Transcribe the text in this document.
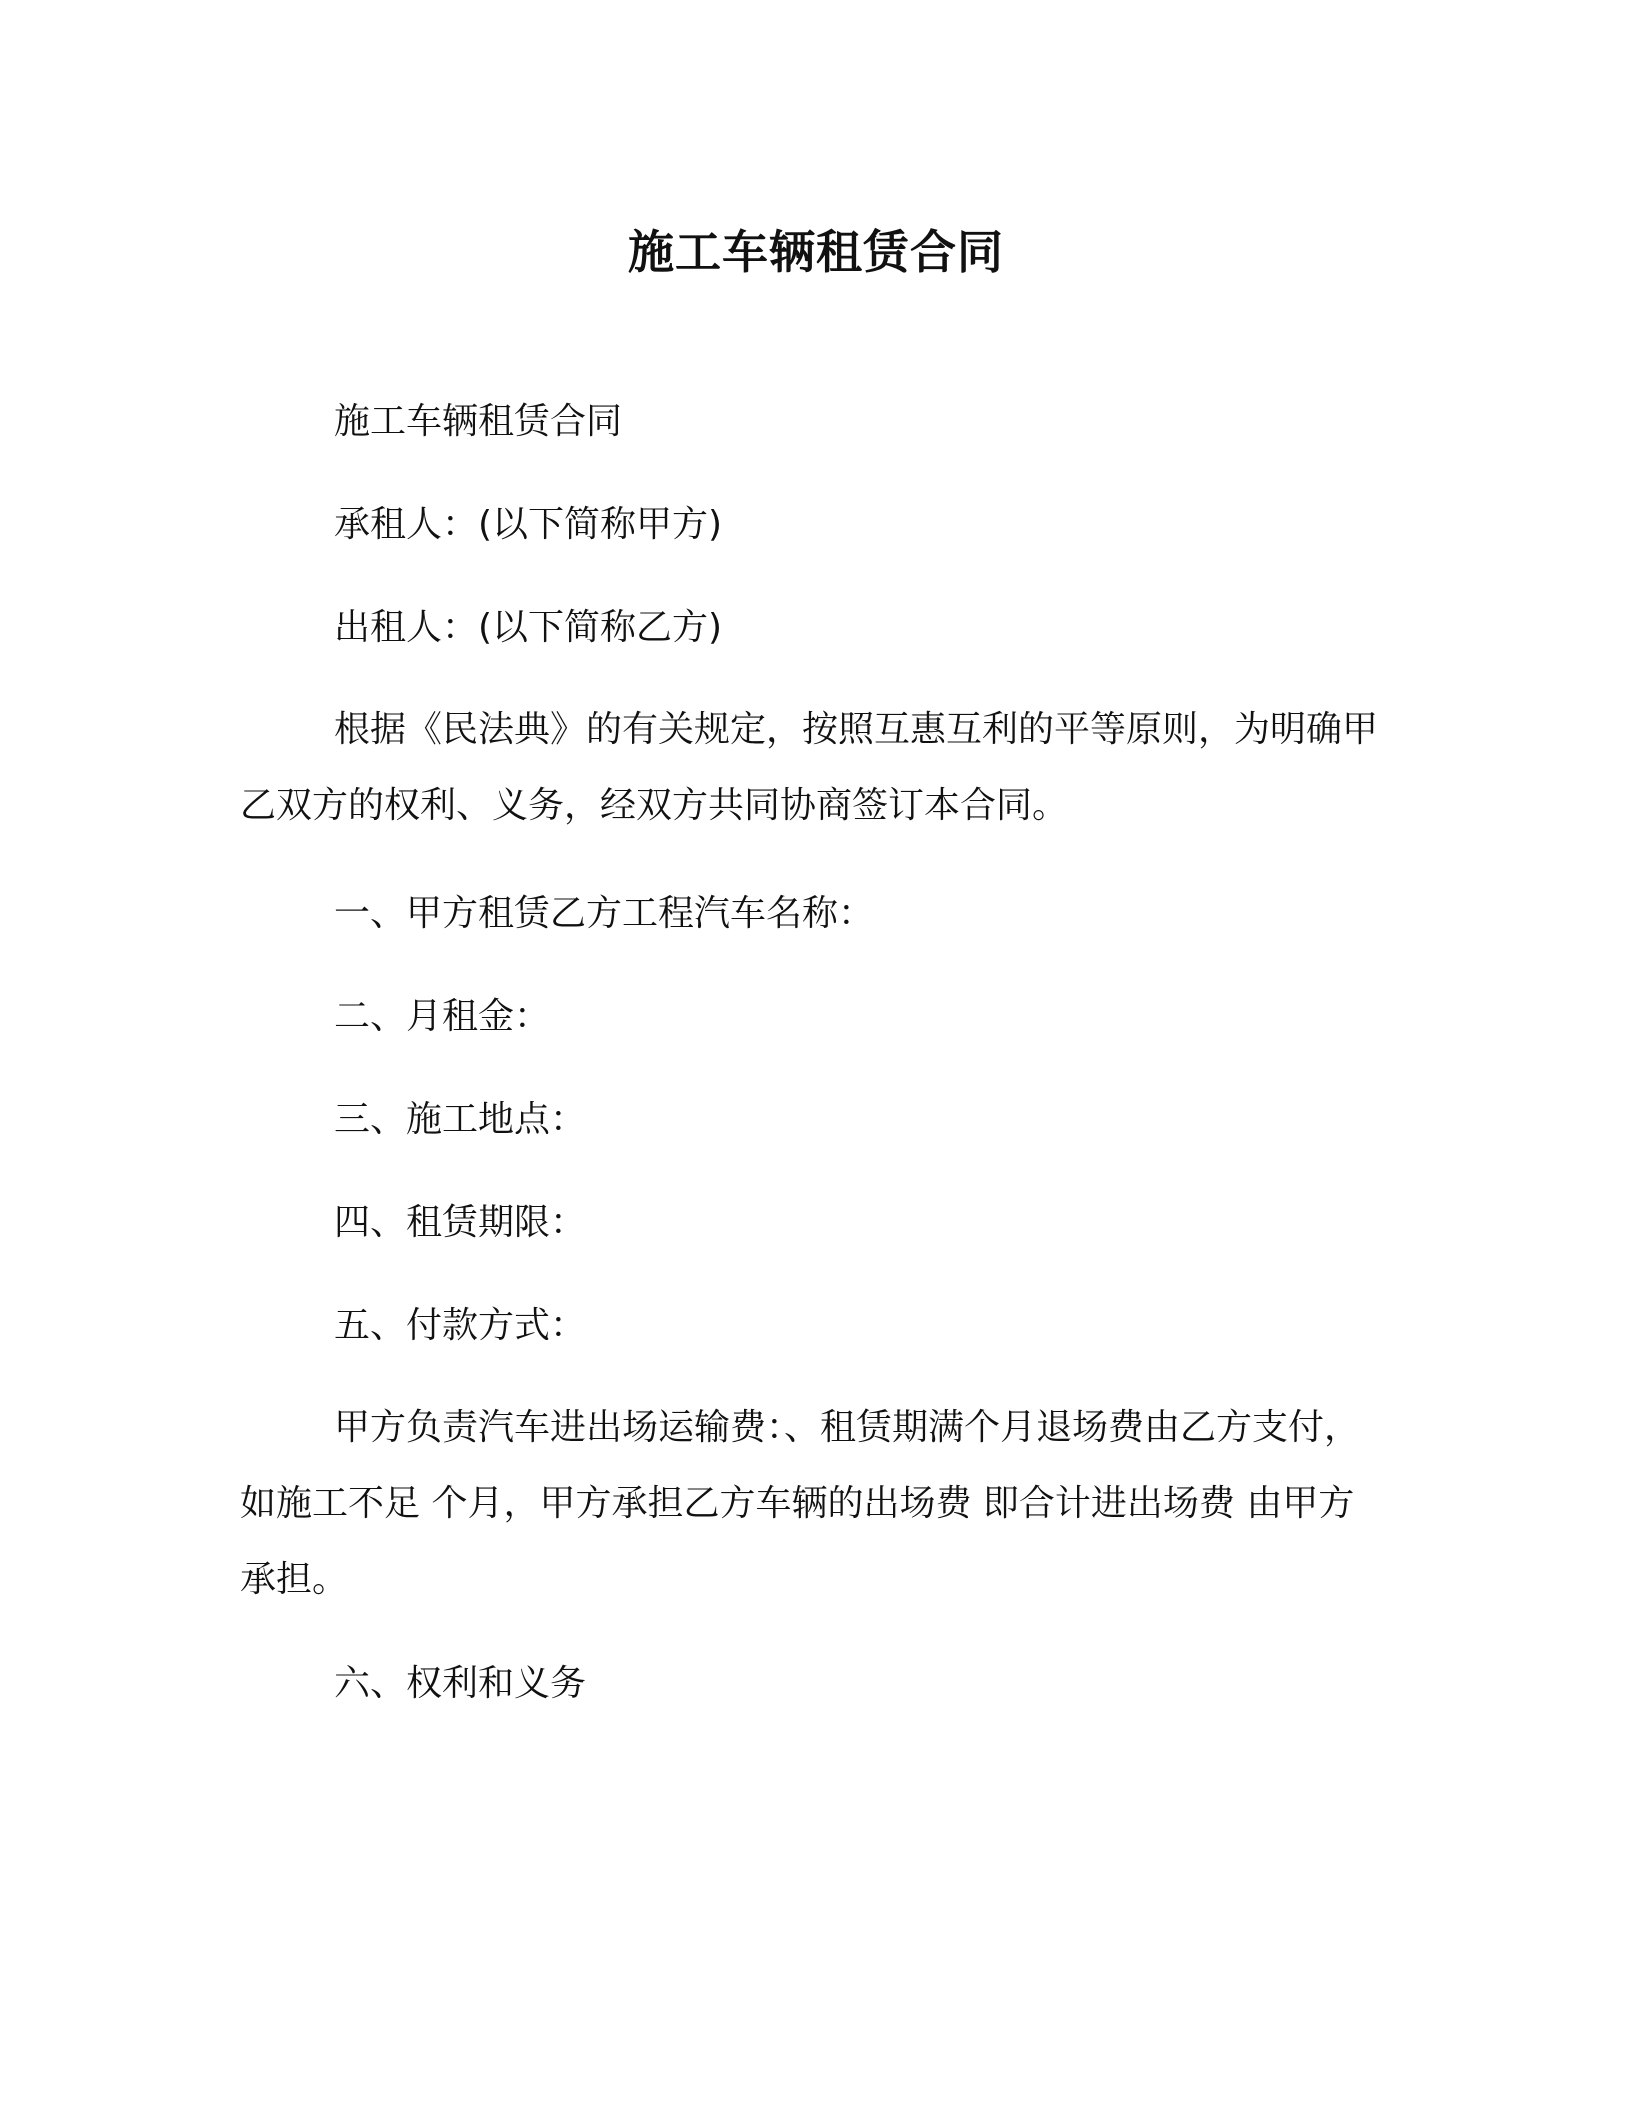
施工车辆租赁合同
施工车辆租赁合同
承租人：(以下简称甲方)
出租人：(以下简称乙方)
根据《民法典》的有关规定，按照互惠互利的平等原则，为明确甲乙双方的权利、义务，经双方共同协商签订本合同。
一、甲方租赁乙方工程汽车名称：
二、月租金：
三、施工地点：
四、租赁期限：
五、付款方式：
甲方负责汽车进出场运输费：、租赁期满个月退场费由乙方支付，如施工不足 个月，甲方承担乙方车辆的出场费 即合计进出场费 由甲方承担。
六、权利和义务
